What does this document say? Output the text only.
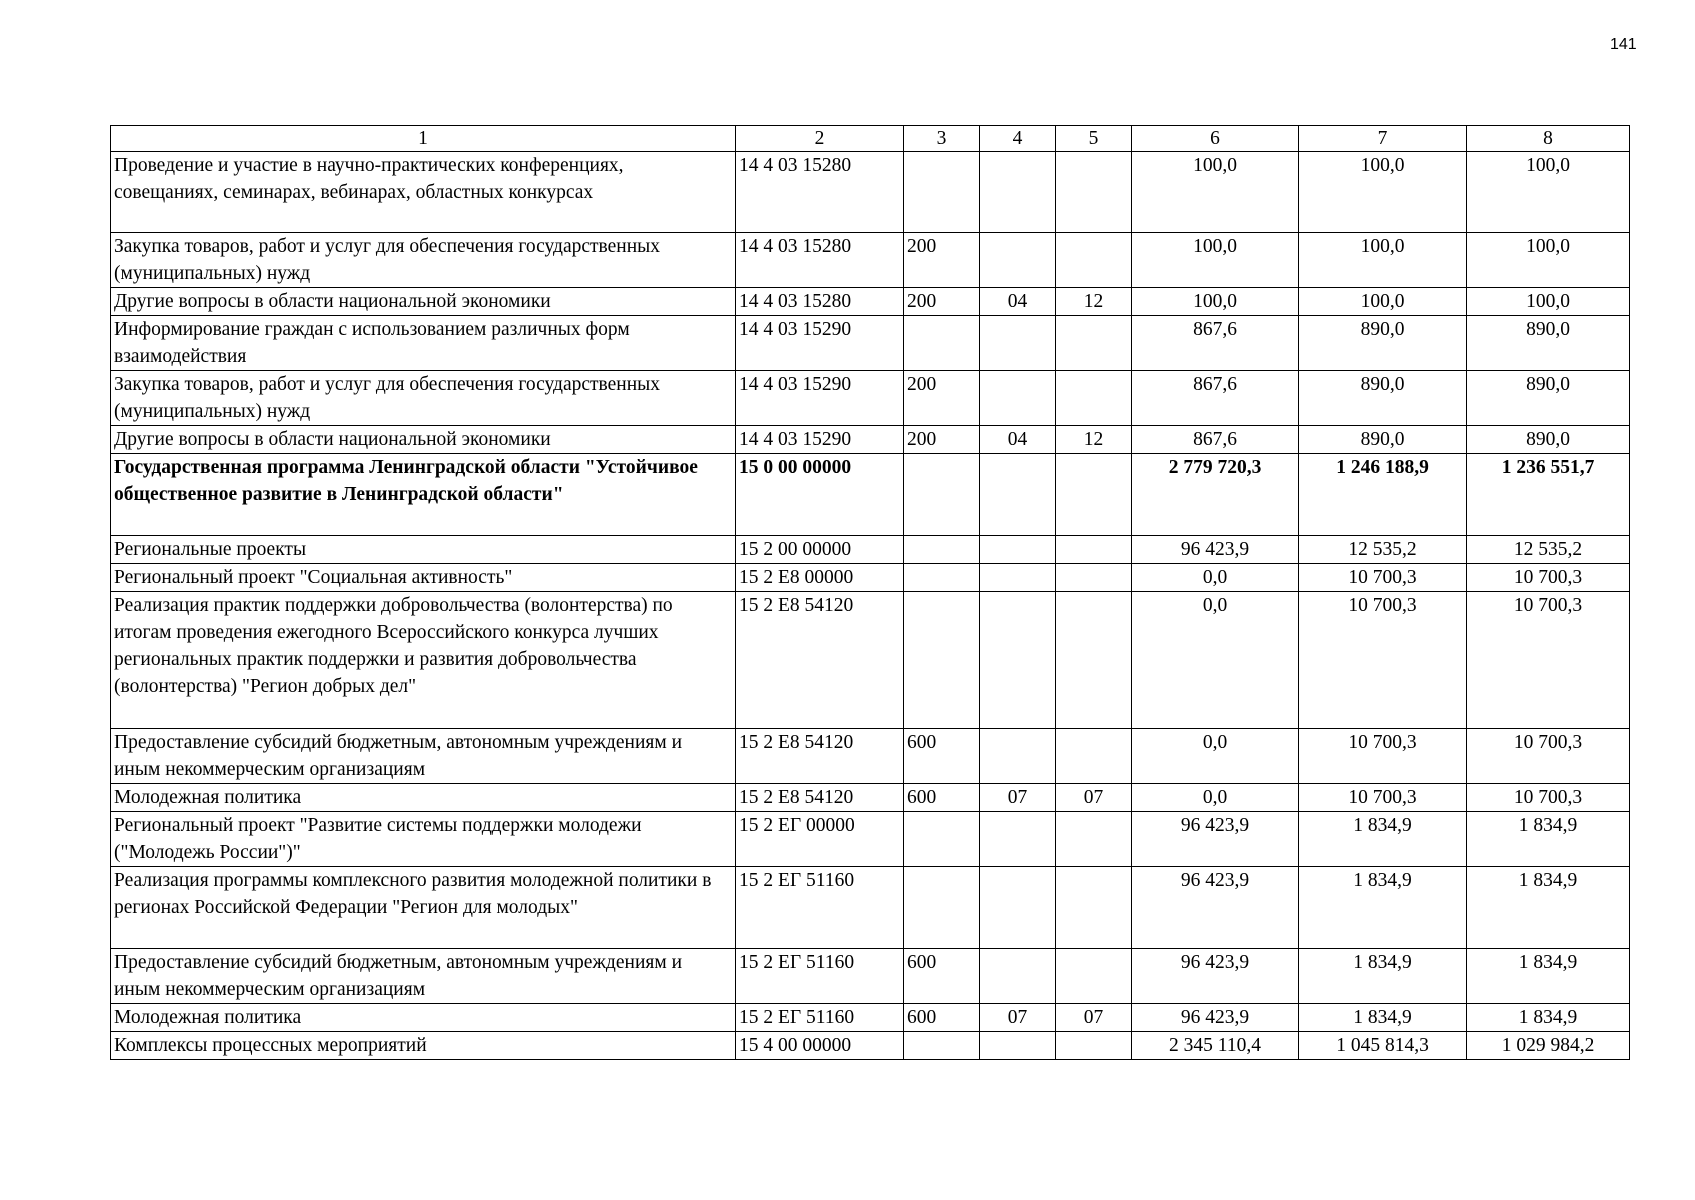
141
1	2	3	4	5	6	7	8
Проведение и участие в научно-практических конференциях, совещаниях, семинарах, вебинарах, областных конкурсах	14 4 03 15280				100,0	100,0	100,0
Закупка товаров, работ и услуг для обеспечения государственных (муниципальных) нужд	14 4 03 15280	200			100,0	100,0	100,0
Другие вопросы в области национальной экономики	14 4 03 15280	200	04	12	100,0	100,0	100,0
Информирование граждан с использованием различных форм взаимодействия	14 4 03 15290				867,6	890,0	890,0
Закупка товаров, работ и услуг для обеспечения государственных (муниципальных) нужд	14 4 03 15290	200			867,6	890,0	890,0
Другие вопросы в области национальной экономики	14 4 03 15290	200	04	12	867,6	890,0	890,0
Государственная программа Ленинградской области "Устойчивое общественное развитие в Ленинградской области"	15 0 00 00000				2 779 720,3	1 246 188,9	1 236 551,7
Региональные проекты	15 2 00 00000				96 423,9	12 535,2	12 535,2
Региональный проект "Социальная активность"	15 2 Е8 00000				0,0	10 700,3	10 700,3
Реализация практик поддержки добровольчества (волонтерства) по итогам проведения ежегодного Всероссийского конкурса лучших региональных практик поддержки и развития добровольчества (волонтерства) "Регион добрых дел"	15 2 Е8 54120				0,0	10 700,3	10 700,3
Предоставление субсидий бюджетным, автономным учреждениям и иным некоммерческим организациям	15 2 Е8 54120	600			0,0	10 700,3	10 700,3
Молодежная политика	15 2 Е8 54120	600	07	07	0,0	10 700,3	10 700,3
Региональный проект "Развитие системы поддержки молодежи ("Молодежь России")"	15 2 ЕГ 00000				96 423,9	1 834,9	1 834,9
Реализация программы комплексного развития молодежной политики в регионах Российской Федерации "Регион для молодых"	15 2 ЕГ 51160				96 423,9	1 834,9	1 834,9
Предоставление субсидий бюджетным, автономным учреждениям и иным некоммерческим организациям	15 2 ЕГ 51160	600			96 423,9	1 834,9	1 834,9
Молодежная политика	15 2 ЕГ 51160	600	07	07	96 423,9	1 834,9	1 834,9
Комплексы процессных мероприятий	15 4 00 00000				2 345 110,4	1 045 814,3	1 029 984,2
